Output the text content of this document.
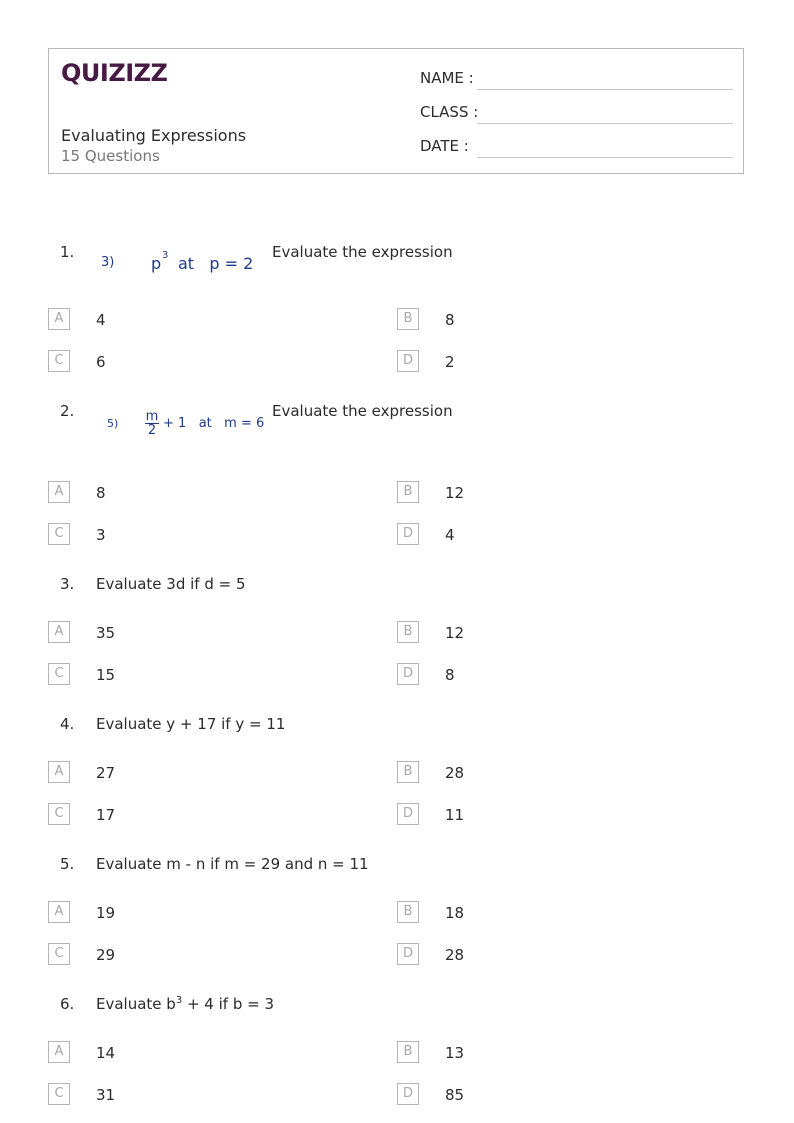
QUIZIZZ
Evaluating Expressions
15 Questions
NAME :
CLASS :
DATE :
1.
3) p 3 at   p = 2
Evaluate the expression
A	4	B	8
C	6	D	2
2.
$5) \frac{m}{2} + 1$   at   m = 6
Evaluate the expression
A	8	B	12
C	3	D	4
3. Evaluate 3d if d = 5
A	35	B	12
C	15	D	8
4. Evaluate y + 17 if y = 11
A	27	B	28
C	17	D	11
5. Evaluate m - n if m = 29 and n = 11
A	19	B	18
C	29	D	28
6. Evaluate $b^3 + 4$ if b = 3
A	14	B	13
C	31	D	85
